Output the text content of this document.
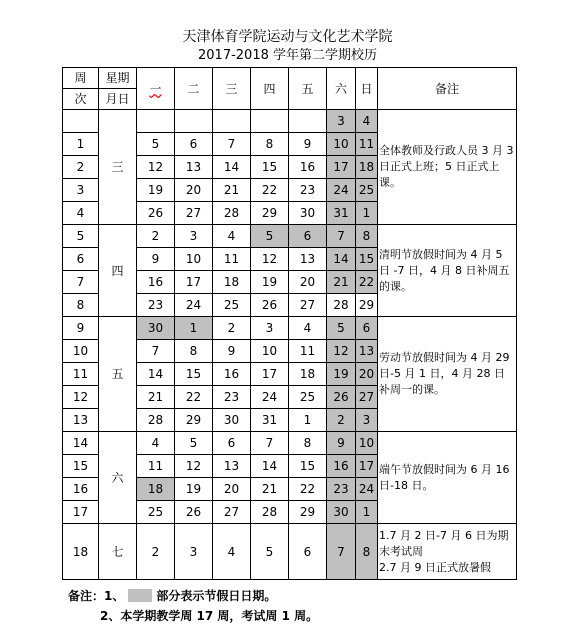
天津体育学院运动与文化艺术学院
2017-2018 学年第二学期校历
周	星期	一	二	三	四	五	六	日	备注
次	月日								
	三						3	4	全体教师及行政人员 3 月 3 日正式上班；5 日正式上课。
1		5	6	7	8	9	10	11	
2		12	13	14	15	16	17	18	
3		19	20	21	22	23	24	25	
4		26	27	28	29	30	31	1	
5	四	2	3	4	5	6	7	8	清明节放假时间为 4 月 5 日 -7 日，4 月 8 日补周五的课。
6		9	10	11	12	13	14	15	
7		16	17	18	19	20	21	22	
8		23	24	25	26	27	28	29	
9	五	30	1	2	3	4	5	6	劳动节放假时间为 4 月 29 日-5 月 1 日，4 月 28 日补周一的课。
10		7	8	9	10	11	12	13	
11		14	15	16	17	18	19	20	
12		21	22	23	24	25	26	27	
13		28	29	30	31	1	2	3	
14	六	4	5	6	7	8	9	10	端午节放假时间为 6 月 16 日-18 日。
15		11	12	13	14	15	16	17	
16		18	19	20	21	22	23	24	
17		25	26	27	28	29	30	1	
18	七	2	3	4	5	6	7	8	1.7 月 2 日-7 月 6 日为期末考试周
2.7 月 9 日正式放暑假
备注：1、	部分表示节假日日期。
2、本学期教学周 17 周，考试周 1 周。
